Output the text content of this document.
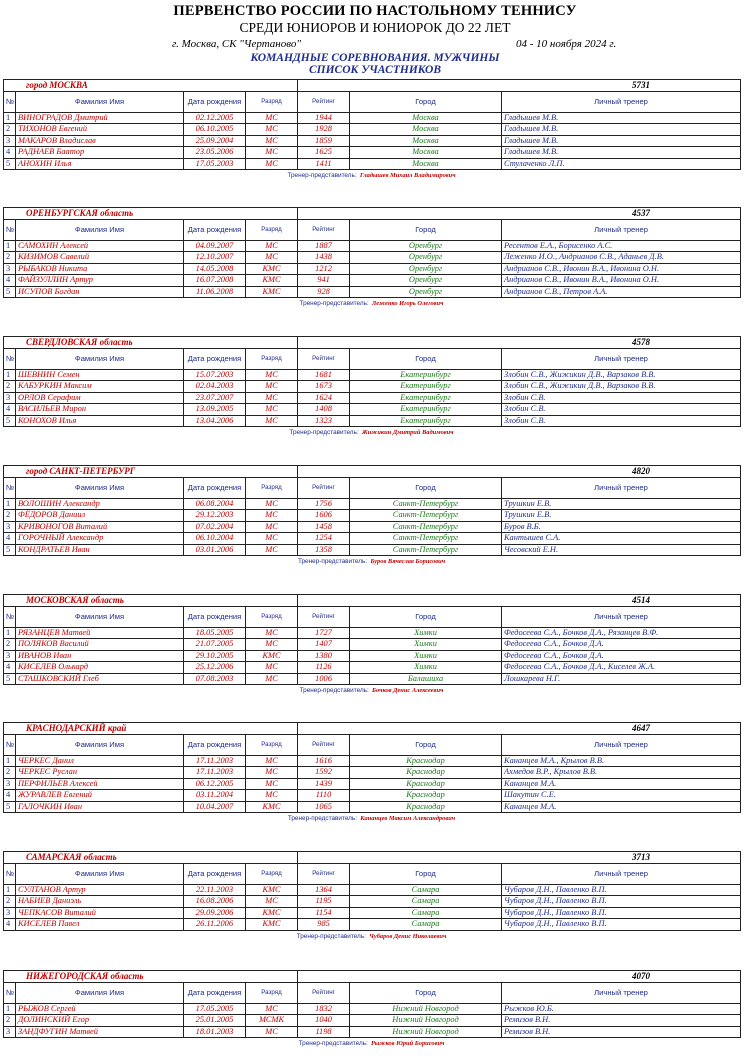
ПЕРВЕНСТВО РОССИИ ПО НАСТОЛЬНОМУ ТЕННИСУ
СРЕДИ ЮНИОРОВ И ЮНИОРОК ДО 22 ЛЕТ
г. Москва, СК "Чертаново"	04 - 10 ноября 2024 г.
КОМАНДНЫЕ СОРЕВНОВАНИЯ. МУЖЧИНЫ
СПИСОК УЧАСТНИКОВ
город МОСКВА				5731		
№	Фамилия Имя	Дата рождения	Разряд	Рейтинг	Город	Личный тренер
1	ВИНОГРАДОВ Дмитрий	02.12.2005	МС	1944	Москва	Гладышев М.В.
2	ТИХОНОВ Евгений	06.10.2005	МС	1928	Москва	Гладышев М.В.
3	МАКАРОВ Владислав	25.09.2004	МС	1859	Москва	Гладышев М.В.
4	РАДНАЕВ Баатор	23.05.2006	МС	1625	Москва	Гладышев М.В.
5	АНОХИН Илья	17.05.2003	МС	1411	Москва	Стулаченко Л.П.
Тренер-представитель: Гладышев Михаил Владимирович
ОРЕНБУРГСКАЯ область				4537		
№	Фамилия Имя	Дата рождения	Разряд	Рейтинг	Город	Личный тренер
1	САМОХИН Алексей	04.09.2007	МС	1887	Оренбург	Ресентов Е.А., Борисенко А.С.
2	КИЗИМОВ Савелий	12.10.2007	МС	1438	Оренбург	Леженко И.О., Андрианов С.В., Аданьев Д.В.
3	РЫБАКОВ Никита	14.05.2008	КМС	1212	Оренбург	Андрианов С.В., Ивонин В.А., Ивонина О.Н.
4	ФАЙЗУЛЛИН Артур	16.07.2008	КМС	941	Оренбург	Андрианов С.В., Ивонин В.А., Ивонина О.Н.
5	ИСУПОВ Богдан	11.06.2008	КМС	928	Оренбург	Андрианов С.В., Петров А.А.
Тренер-представитель: Леженко Игорь Олегович
СВЕРДЛОВСКАЯ область				4578		
№	Фамилия Имя	Дата рождения	Разряд	Рейтинг	Город	Личный тренер
1	ШЕВНИН Семен	15.07.2003	МС	1681	Екатеринбург	Злобин С.В., Жижикин Д.В., Варзаков В.В.
2	КАБУРКИН Максим	02.04.2003	МС	1673	Екатеринбург	Злобин С.В., Жижикин Д.В., Варзаков В.В.
3	ОРЛОВ Серафим	23.07.2007	МС	1624	Екатеринбург	Злобин С.В.
4	ВАСИЛЬЕВ Мирон	13.09.2005	МС	1408	Екатеринбург	Злобин С.В.
5	КОНОХОВ Илья	13.04.2006	МС	1323	Екатеринбург	Злобин С.В.
Тренер-представитель: Жижикин Дмитрий Вадимович
город САНКТ-ПЕТЕРБУРГ				4820		
№	Фамилия Имя	Дата рождения	Разряд	Рейтинг	Город	Личный тренер
1	ВОЛОШИН Александр	06.08.2004	МС	1756	Санкт-Петербург	Трушкин Е.В.
2	ФЁДОРОВ Даниил	29.12.2003	МС	1606	Санкт-Петербург	Трушкин Е.В.
3	КРИВОНОГОВ Виталий	07.02.2004	МС	1458	Санкт-Петербург	Буров В.Б.
4	ГОРОЧНЫЙ Александр	06.10.2004	МС	1254	Санкт-Петербург	Кантышев С.А.
5	КОНДРАТЬЕВ Иван	03.01.2006	МС	1358	Санкт-Петербург	Чесовский Е.Н.
Тренер-представитель: Буров Вячеслав Борисович
МОСКОВСКАЯ область				4514		
№	Фамилия Имя	Дата рождения	Разряд	Рейтинг	Город	Личный тренер
1	РЯЗАНЦЕВ Матвей	18.05.2005	МС	1727	Химки	Федосеева С.А., Бочков Д.А., Рязанцев В.Ф.
2	ПОЛЯКОВ Василий	21.07.2005	МС	1407	Химки	Федосеева С.А., Бочков Д.А.
3	ИВАНОВ Иван	29.10.2005	КМС	1380	Химки	Федосеева С.А., Бочков Д.А.
4	КИСЕЛЕВ Олькард	25.12.2006	МС	1126	Химки	Федосеева С.А., Бочков Д.А., Киселев Ж.А.
5	СТАШКОВСКИЙ Глеб	07.08.2003	МС	1006	Балашиха	Лошкарева Н.Г.
Тренер-представитель: Бочков Денис Алексеевич
КРАСНОДАРСКИЙ край				4647		
№	Фамилия Имя	Дата рождения	Разряд	Рейтинг	Город	Личный тренер
1	ЧЕРКЕС Данил	17.11.2003	МС	1616	Краснодар	Кананцев М.А., Крылов В.В.
2	ЧЕРКЕС Руслан	17.11.2003	МС	1592	Краснодар	Ахмедов В.Р., Крылов В.В.
3	ПЕРФИЛЬЕВ Алексей	06.12.2005	МС	1439	Краснодар	Кананцев М.А.
4	ЖУРАВЛЕВ Евгений	03.11.2004	МС	1110	Краснодар	Шакутин С.Е.
5	ГАЛОЧКИН Иван	10.04.2007	КМС	1065	Краснодар	Кананцев М.А.
Тренер-представитель: Кананцев Максим Александрович
САМАРСКАЯ область				3713		
№	Фамилия Имя	Дата рождения	Разряд	Рейтинг	Город	Личный тренер
1	СУЛТАНОВ Артур	22.11.2003	КМС	1364	Самара	Чубаров Д.Н., Павленко В.П.
2	НАБИЕВ Даниэль	16.08.2006	МС	1195	Самара	Чубаров Д.Н., Павленко В.П.
3	ЧЕПКАСОВ Виталий	29.09.2006	КМС	1154	Самара	Чубаров Д.Н., Павленко В.П.
4	КИСЕЛЕВ Павел	26.11.2006	КМС	985	Самара	Чубаров Д.Н., Павленко В.П.
Тренер-представитель: Чубаров Денис Николаевич
НИЖЕГОРОДСКАЯ область				4070		
№	Фамилия Имя	Дата рождения	Разряд	Рейтинг	Город	Личный тренер
1	РЫЖОВ Сергей	17.05.2005	МС	1832	Нижний Новгород	Рыжков Ю.Б.
2	ДОЛИНСКИЙ Егор	25.01.2005	МСМК	1040	Нижний Новгород	Ремизов В.Н.
3	ЗАНДФУГИН Матвей	18.01.2003	МС	1198	Нижний Новгород	Ремизов В.Н.
Тренер-представитель: Рыжков Юрий Борисович
